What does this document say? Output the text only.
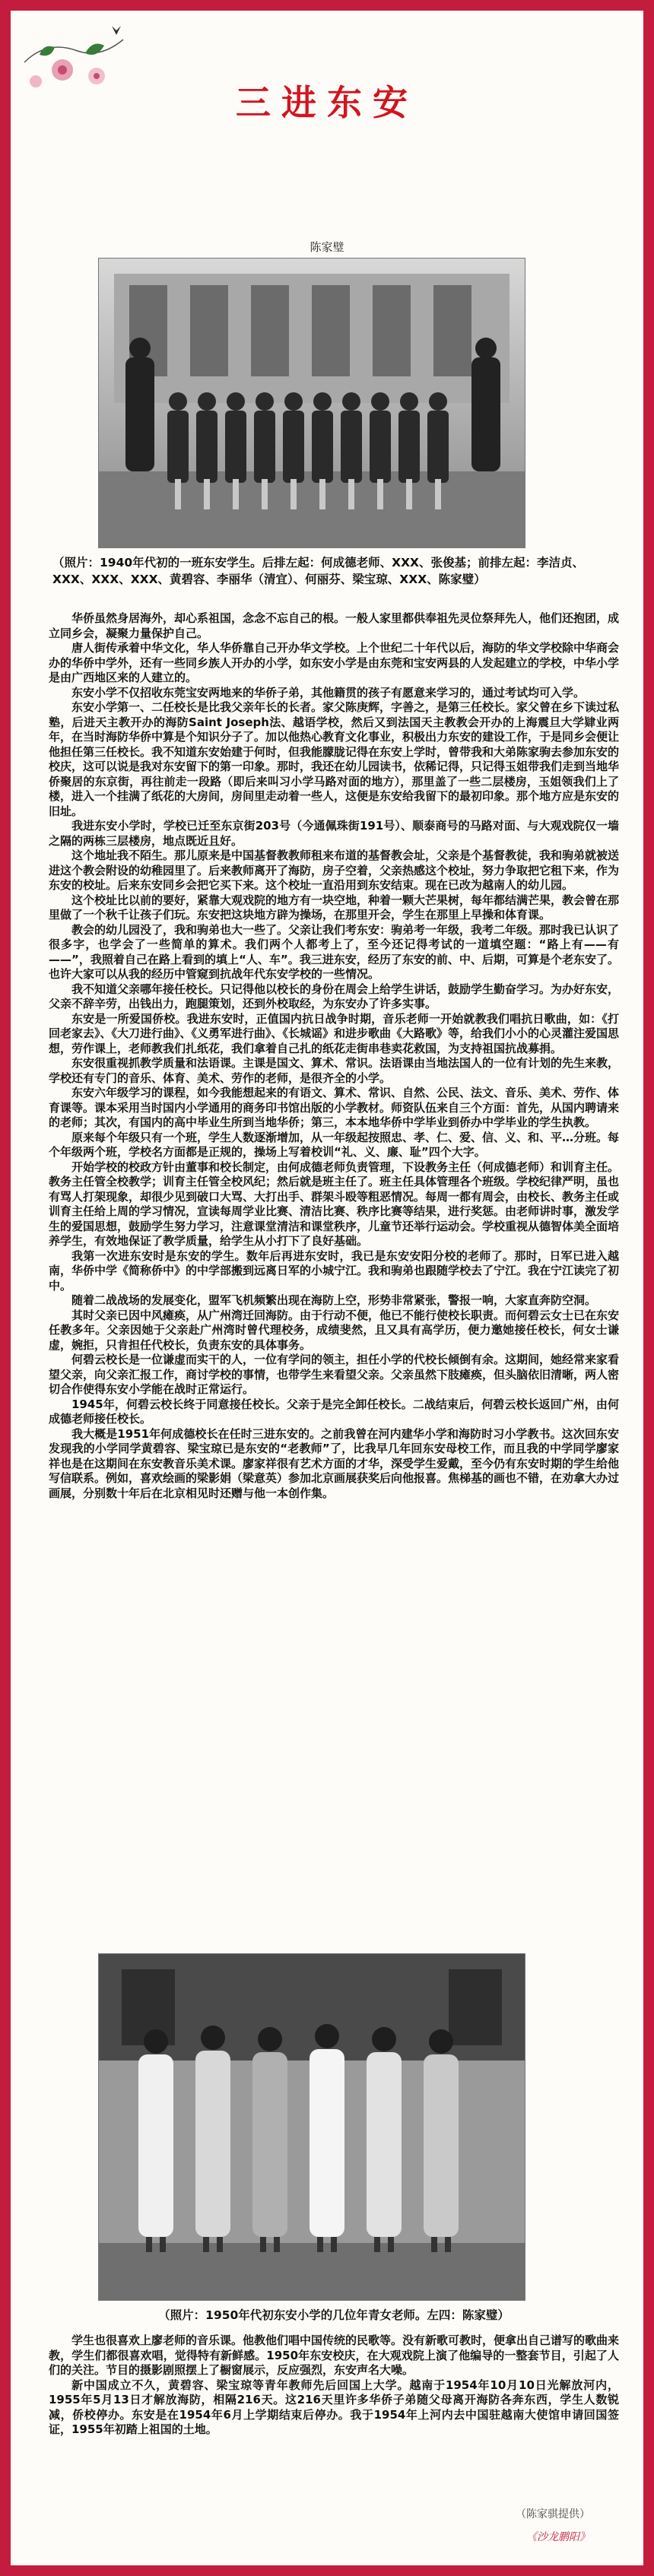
三进东安
陈家璧
（照片：1940年代初的一班东安学生。后排左起：何成德老师、XXX、张俊基；前排左起：李洁贞、XXX、XXX、XXX、黄碧容、李丽华（清宜）、何丽芬、梁宝琼、XXX、陈家璧）

华侨虽然身居海外，却心系祖国，念念不忘自己的根。一般人家里都供奉祖先灵位祭拜先人，他们还抱团，成立同乡会，凝聚力量保护自己。

唐人街传承着中华文化，华人华侨靠自己开办华文学校。上个世纪二十年代以后，海防的华文学校除中华商会办的华侨中学外，还有一些同乡族人开办的小学，如东安小学是由东莞和宝安两县的人发起建立的学校，中华小学是由广西地区来的人建立的。

东安小学不仅招收东莞宝安两地来的华侨子弟，其他籍贯的孩子有愿意来学习的，通过考试均可入学。

东安小学第一、二任校长是比我父亲年长的长者。家父陈庚辉，字善之，是第三任校长。家父曾在乡下读过私塾，后进天主教开办的海防Saint Joseph法、越语学校，然后又到法国天主教教会开办的上海震旦大学肄业两年，在当时海防华侨中算是个知识分子了。加以他热心教育文化事业，积极出力东安的建设工作，于是同乡会便让他担任第三任校长。我不知道东安始建于何时，但我能朦胧记得在东安上学时，曾带我和大弟陈家驹去参加东安的校庆，这可以说是我对东安留下的第一印象。那时，我还在幼儿园读书，依稀记得，只记得玉姐带我们走到当地华侨聚居的东京街，再往前走一段路（即后来叫习小学马路对面的地方），那里盖了一些二层楼房，玉姐领我们上了楼，进入一个挂满了纸花的大房间，房间里走动着一些人，这便是东安给我留下的最初印象。那个地方应是东安的旧址。

我进东安小学时，学校已迁至东京街203号（今通佩珠街191号）、顺泰商号的马路对面、与大观戏院仅一墙之隔的两栋三层楼房，地点既近且好。

这个地址我不陌生。那儿原来是中国基督教教师租来布道的基督教会址，父亲是个基督教徒，我和驹弟就被送进这个教会附设的幼稚园里了。后来教师离开了海防，房子空着，父亲热感这个校址，努力争取把它租下来，作为东安的校址。后来东安同乡会把它买下来。这个校址一直沿用到东安结束。现在已改为越南人的幼儿园。

这个校址比以前的要好，紧靠大观戏院的地方有一块空地，种着一颗大芒果树，每年都结满芒果，教会曾在那里做了一个秋千让孩子们玩。东安把这块地方辟为操场，在那里开会，学生在那里上早操和体育课。

教会的幼儿园没了，我和驹弟也大一些了。父亲让我们考东安：驹弟考一年级，我考二年级。那时我已认识了很多字，也学会了一些简单的算术。我们两个人都考上了，至今还记得考试的一道填空题：“路上有——有——”，我照着自己在路上看到的填上“人、车”。我三进东安，经历了东安的前、中、后期，可算是个老东安了。也许大家可以从我的经历中管窥到抗战年代东安学校的一些情况。

我不知道父亲哪年接任校长。只记得他以校长的身份在周会上给学生讲话，鼓励学生勤奋学习。为办好东安，父亲不辞辛劳，出钱出力，跑腿策划，还到外校取经，为东安办了许多实事。

东安是一所爱国侨校。我进东安时，正值国内抗日战争时期，音乐老师一开始就教我们唱抗日歌曲，如：《打回老家去》、《大刀进行曲》、《义勇军进行曲》、《长城谣》和进步歌曲《大路歌》等，给我们小小的心灵灌注爱国思想，劳作课上，老师教我们扎纸花，我们拿着自己扎的纸花走街串巷卖花救国，为支持祖国抗战募捐。

东安很重视抓教学质量和法语课。主课是国文、算术、常识。法语课由当地法国人的一位有计划的先生来教，学校还有专门的音乐、体育、美术、劳作的老师，是很齐全的小学。

东安六年级学习的课程，如今我能想起来的有语文、算术、常识、自然、公民、法文、音乐、美术、劳作、体育课等。课本采用当时国内小学通用的商务印书馆出版的小学教材。师资队伍来自三个方面：首先，从国内聘请来的老师；其次，有国内的高中毕业生所到当地华侨；第三，本本地华侨中学毕业到侨办中学毕业的学生执教。

原来每个年级只有一个班，学生人数逐渐增加，从一年级起按照忠、孝、仁、爱、信、义、和、平…分班。每个年级两个班，学校名方面都是正规的，操场上写着校训“礼、义、廉、耻”四个大字。

开始学校的校政方针由董事和校长制定，由何成德老师负责管理，下设教务主任（何成德老师）和训育主任。教务主任管全校教学；训育主任管全校风纪；然后就是班主任了。班主任具体管理各个班级。学校纪律严明，虽也有骂人打架现象，却很少见到破口大骂、大打出手、群架斗殴等粗恶情况。每周一都有周会，由校长、教务主任或训育主任给上周的学习情况，宣读每周学业比赛、清洁比赛、秩序比赛等结果，进行奖惩。由老师讲时事，激发学生的爱国思想，鼓励学生努力学习，注意课堂清洁和课堂秩序，儿童节还举行运动会。学校重视从德智体美全面培养学生，有效地保证了教学质量，给学生从小打下了良好基础。

我第一次进东安时是东安的学生。数年后再进东安时，我已是东安安阳分校的老师了。那时，日军已进入越南，华侨中学《简称侨中》的中学部搬到远离日军的小城宁江。我和驹弟也跟随学校去了宁江。我在宁江读完了初中。

随着二战战场的发展变化，盟军飞机频繁出现在海防上空，形势非常紧张，警报一响，大家直奔防空洞。

其时父亲已因中风瘫痪，从广州湾迁回海防。由于行动不便，他已不能行使校长职责。而何碧云女士已在东安任教多年。父亲因她于父亲赴广州湾时曾代理校务，成绩斐然，且又具有高学历，便力邀她接任校长，何女士谦虚，婉拒，只肯担任代校长，负责东安的具体事务。

何碧云校长是一位谦虚而实干的人，一位有学问的领主，担任小学的代校长倾倒有余。这期间，她经常来家看望父亲，向父亲汇报工作，商讨学校的事情，也带学生来看望父亲。父亲虽然下肢瘫痪，但头脑依旧清晰，两人密切合作使得东安小学能在战时正常运行。

1945年，何碧云校长终于同意接任校长。父亲于是完全卸任校长。二战结束后，何碧云校长返回广州，由何成德老师接任校长。

我大概是1951年何成德校长在任时三进东安的。之前我曾在河内建华小学和海防时习小学教书。这次回东安发现我的小学同学黄碧容、梁宝琼已是东安的“老教师”了，比我早几年回东安母校工作，而且我的中学同学廖家祥也是在这期间在东安教音乐美术课。廖家祥很有艺术方面的才华，深受学生爱戴，至今仍有东安时期的学生给他写信联系。例如，喜欢绘画的梁影娟（梁意英）参加北京画展获奖后向他报喜。焦梯基的画也不错，在劝拿大办过画展，分别数十年后在北京相见时还赠与他一本创作集。

（照片：1950年代初东安小学的几位年青女老师。左四：陈家璧）

学生也很喜欢上廖老师的音乐课。他教他们唱中国传统的民歌等。没有新歌可教时，便拿出自己谱写的歌曲来教，学生们都很喜欢唱，觉得特有新鲜感。1950年东安校庆，在大观戏院上演了他编导的一整套节目，引起了人们的关注。节目的摄影剧照摆上了橱窗展示，反应强烈，东安声名大噪。

新中国成立不久，黄碧容、梁宝琼等青年教师先后回国上大学。越南于1954年10月10日光解放河内，1955年5月13日才解放海防，相隔216天。这216天里许多华侨子弟随父母离开海防各奔东西，学生人数锐减，侨校停办。东安是在1954年6月上学期结束后停办。我于1954年上河内去中国驻越南大使馆申请回国签证，1955年初踏上祖国的土地。

（陈家骐提供）
《沙龙鹏阳》
